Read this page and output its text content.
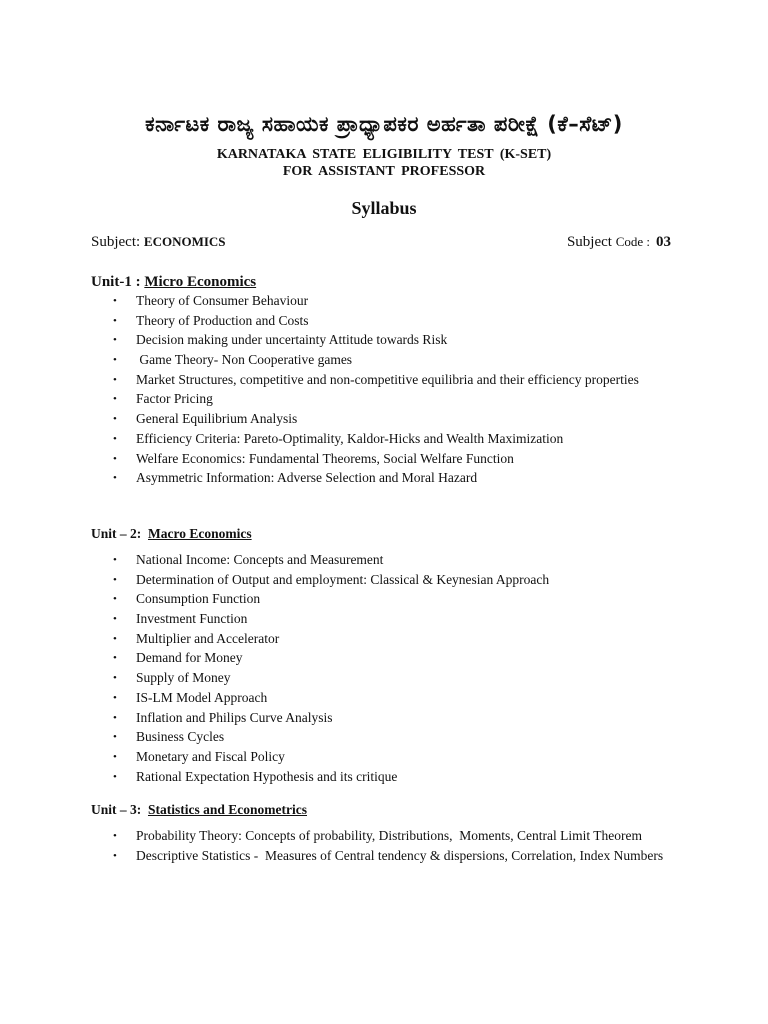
ಕರ್ನಾಟಕ ರಾಜ್ಯ ಸಹಾಯಕ ಪ್ರಾಧ್ಯಾಪಕರ ಅರ್ಹತಾ ಪರೀಕ್ಷೆ (ಕೆ–ಸೆಟ್)
KARNATAKA STATE ELIGIBILITY TEST (K-SET)
FOR ASSISTANT PROFESSOR
Syllabus
Subject: ECONOMICS	Subject Code : 03

Unit-1 : Micro Economics

• Theory of Consumer Behaviour
• Theory of Production and Costs
• Decision making under uncertainty Attitude towards Risk
• Game Theory- Non Cooperative games
• Market Structures, competitive and non-competitive equilibria and their efficiency properties
• Factor Pricing
• General Equilibrium Analysis
• Efficiency Criteria: Pareto-Optimality, Kaldor-Hicks and Wealth Maximization
• Welfare Economics: Fundamental Theorems, Social Welfare Function
• Asymmetric Information: Adverse Selection and Moral Hazard

Unit – 2:  Macro Economics

• National Income: Concepts and Measurement
• Determination of Output and employment: Classical & Keynesian Approach
• Consumption Function
• Investment Function
• Multiplier and Accelerator
• Demand for Money
• Supply of Money
• IS-LM Model Approach
• Inflation and Philips Curve Analysis
• Business Cycles
• Monetary and Fiscal Policy
• Rational Expectation Hypothesis and its critique

Unit – 3:  Statistics and Econometrics

• Probability Theory: Concepts of probability, Distributions,  Moments, Central Limit Theorem
• Descriptive Statistics -  Measures of Central tendency & dispersions, Correlation, Index Numbers
